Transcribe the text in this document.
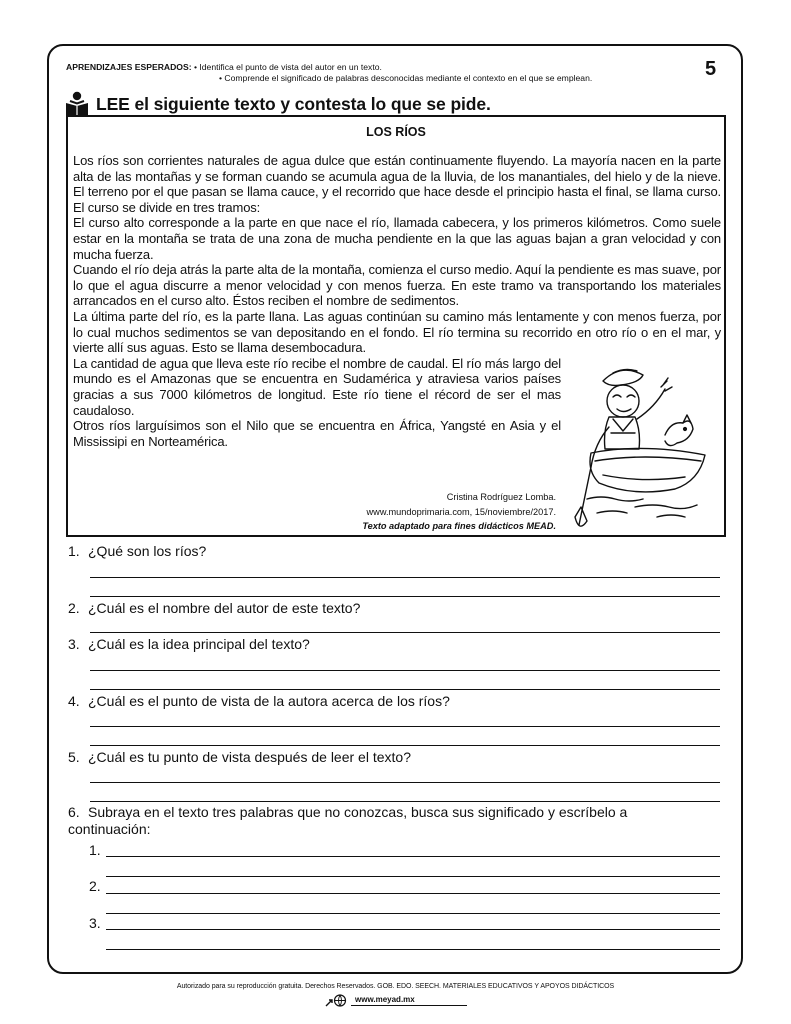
APRENDIZAJES ESPERADOS: • Identifica el punto de vista del autor en un texto.
• Comprende el significado de palabras desconocidas mediante el contexto en el que se emplean.	5
LEE el siguiente texto y contesta lo que se pide.
LOS RÍOS

Los ríos son corrientes naturales de agua dulce que están continuamente fluyendo. La mayoría nacen en la parte alta de las montañas y se forman cuando se acumula agua de la lluvia, de los manantiales, del hielo y de la nieve. El terreno por el que pasan se llama cauce, y el recorrido que hace desde el principio hasta el final, se llama curso. El curso se divide en tres tramos:

El curso alto corresponde a la parte en que nace el río, llamada cabecera, y los primeros kilómetros. Como suele estar en la montaña se trata de una zona de mucha pendiente en la que las aguas bajan a gran velocidad y con mucha fuerza.

Cuando el río deja atrás la parte alta de la montaña, comienza el curso medio. Aquí la pendiente es mas suave, por lo que el agua discurre a menor velocidad y con menos fuerza. En este tramo va transportando los materiales arrancados en el curso alto. Éstos reciben el nombre de sedimentos.

La última parte del río, es la parte llana. Las aguas continúan su camino más lentamente y con menos fuerza, por lo cual muchos sedimentos se van depositando en el fondo. El río termina su recorrido en otro río o en el mar, y vierte allí sus aguas. Esto se llama desembocadura.

La cantidad de agua que lleva este río recibe el nombre de caudal. El río más largo del mundo es el Amazonas que se encuentra en Sudamérica y atraviesa varios países gracias a sus 7000 kilómetros de longitud. Este río tiene el récord de ser el mas caudaloso.

Otros ríos larguísimos son el Nilo que se encuentra en África, Yangsté en Asia y el Mississipi en Norteamérica.

Cristina Rodríguez Lomba.
www.mundoprimaria.com, 15/noviembre/2017.
Texto adaptado para fines didácticos MEAD.
1. ¿Qué son los ríos?
2. ¿Cuál es el nombre del autor de este texto?
3. ¿Cuál es la idea principal del texto?
4. ¿Cuál es el punto de vista de la autora acerca de los ríos?
5. ¿Cuál es tu punto de vista después de leer el texto?
6. Subraya en el texto tres palabras que no conozcas, busca sus significado y escríbelo a continuación:
1.
2.
3.
Autorizado para su reproducción gratuita. Derechos Reservados. GOB. EDO. SEECH. MATERIALES EDUCATIVOS Y APOYOS DIDÁCTICOS
www.meyad.mx
